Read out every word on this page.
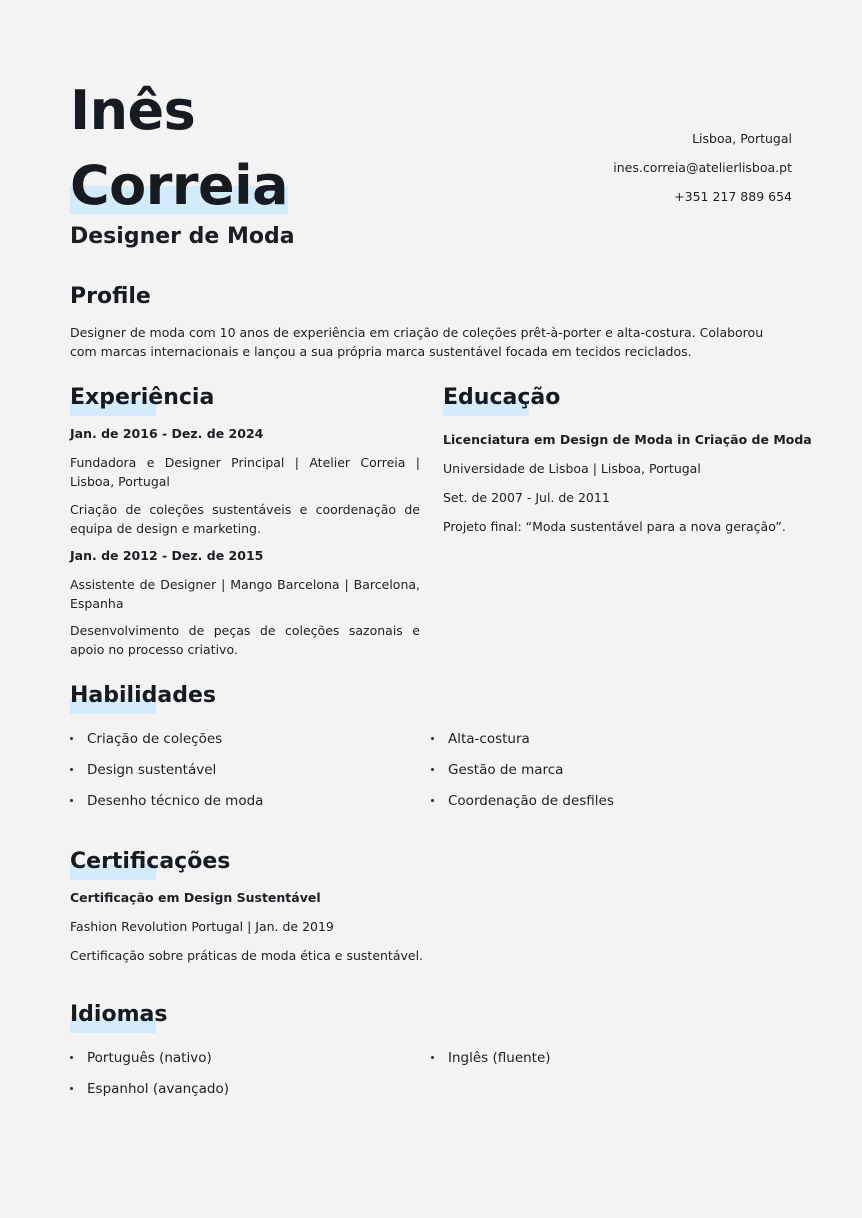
Inês
Correia
Designer de Moda
Lisboa, Portugal
ines.correia@atelierlisboa.pt
+351 217 889 654
Profile
Designer de moda com 10 anos de experiência em criação de coleções prêt-à-porter e alta-costura. Colaborou com marcas internacionais e lançou a sua própria marca sustentável focada em tecidos reciclados.
Experiência
Jan. de 2016 - Dez. de 2024
Fundadora e Designer Principal | Atelier Correia | Lisboa, Portugal
Criação de coleções sustentáveis e coordenação de equipa de design e marketing.
Jan. de 2012 - Dez. de 2015
Assistente de Designer | Mango Barcelona | Barcelona, Espanha
Desenvolvimento de peças de coleções sazonais e apoio no processo criativo.
Educação
Licenciatura em Design de Moda in Criação de Moda
Universidade de Lisboa | Lisboa, Portugal
Set. de 2007 - Jul. de 2011
Projeto final: “Moda sustentável para a nova geração”.
Habilidades
Criação de coleções	Alta-costura
Design sustentável	Gestão de marca
Desenho técnico de moda	Coordenação de desfiles
Certificações
Certificação em Design Sustentável
Fashion Revolution Portugal | Jan. de 2019
Certificação sobre práticas de moda ética e sustentável.
Idiomas
Português (nativo)	Inglês (fluente)
Espanhol (avançado)
